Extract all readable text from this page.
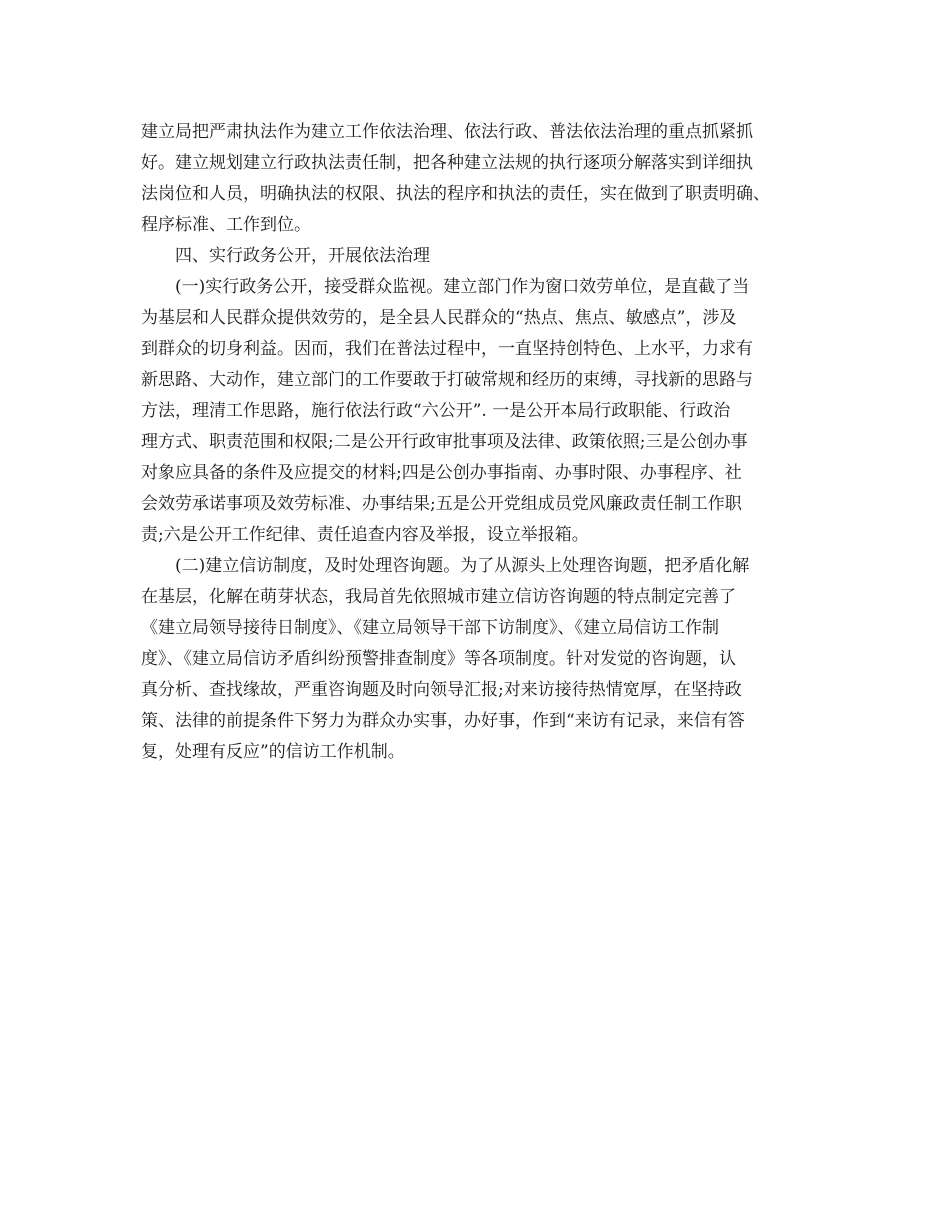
建立局把严肃执法作为建立工作依法治理、依法行政、普法依法治理的重点抓紧抓
好。建立规划建立行政执法责任制，把各种建立法规的执行逐项分解落实到详细执
法岗位和人员，明确执法的权限、执法的程序和执法的责任，实在做到了职责明确、
程序标准、工作到位。
四、实行政务公开，开展依法治理
(一)实行政务公开，接受群众监视。建立部门作为窗口效劳单位，是直截了当
为基层和人民群众提供效劳的，是全县人民群众的“热点、焦点、敏感点”，涉及
到群众的切身利益。因而，我们在普法过程中，一直坚持创特色、上水平，力求有
新思路、大动作，建立部门的工作要敢于打破常规和经历的束缚，寻找新的思路与
方法，理清工作思路，施行依法行政“六公开”. 一是公开本局行政职能、行政治
理方式、职责范围和权限;二是公开行政审批事项及法律、政策依照;三是公创办事
对象应具备的条件及应提交的材料;四是公创办事指南、办事时限、办事程序、社
会效劳承诺事项及效劳标准、办事结果;五是公开党组成员党风廉政责任制工作职
责;六是公开工作纪律、责任追查内容及举报，设立举报箱。
(二)建立信访制度，及时处理咨询题。为了从源头上处理咨询题，把矛盾化解
在基层，化解在萌芽状态，我局首先依照城市建立信访咨询题的特点制定完善了
《建立局领导接待日制度》、《建立局领导干部下访制度》、《建立局信访工作制
度》、《建立局信访矛盾纠纷预警排查制度》等各项制度。针对发觉的咨询题，认
真分析、查找缘故，严重咨询题及时向领导汇报;对来访接待热情宽厚，在坚持政
策、法律的前提条件下努力为群众办实事，办好事，作到“来访有记录，来信有答
复，处理有反应”的信访工作机制。
